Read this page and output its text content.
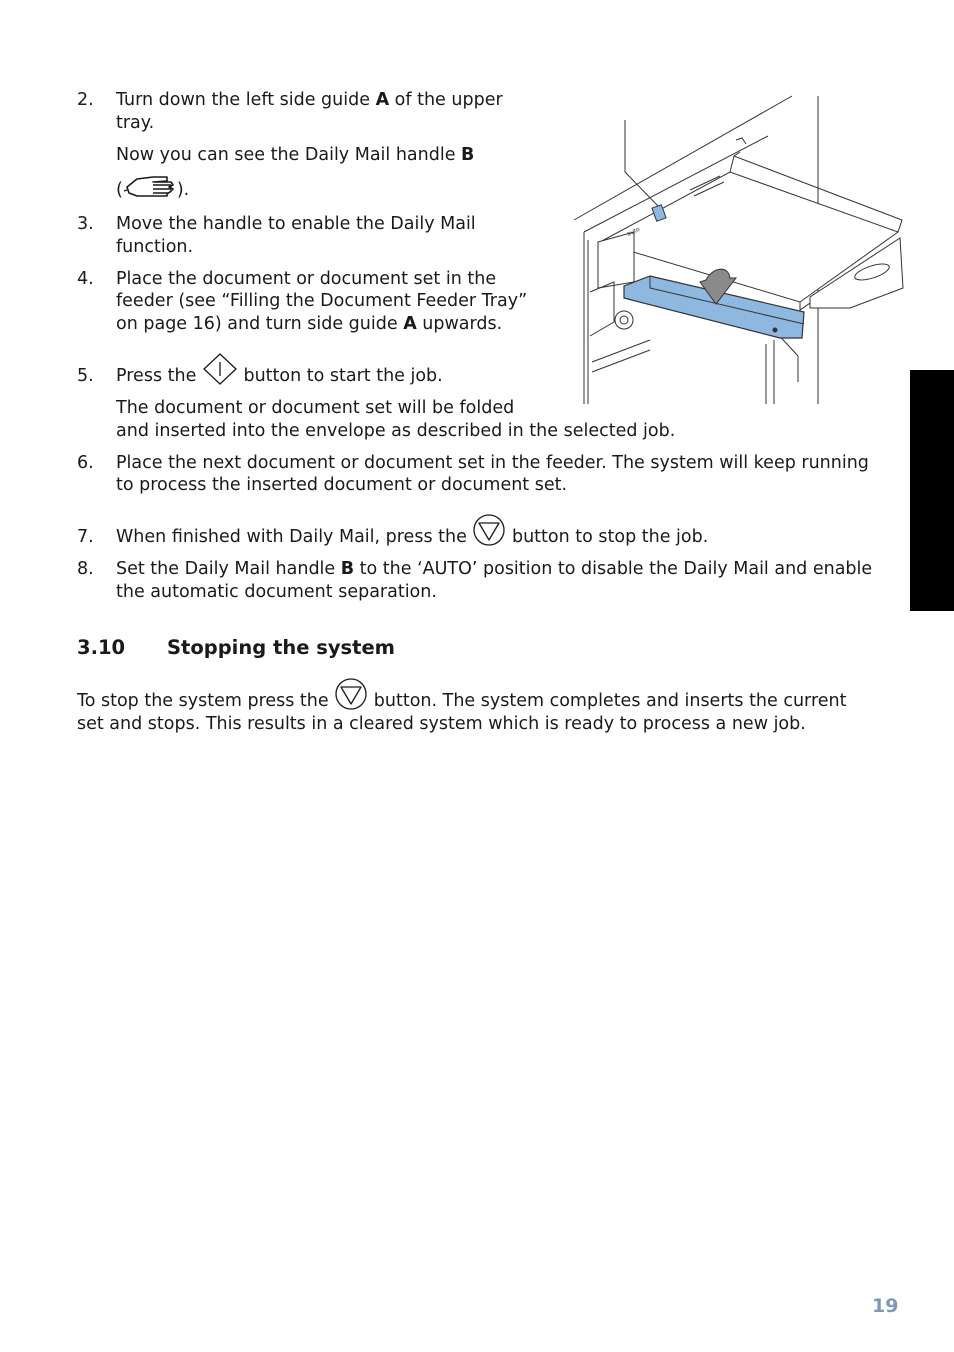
2. Turn down the left side guide A of the upper
tray.
Now you can see the Daily Mail handle B
(	).
3. Move the handle to enable the Daily Mail
function.
4. Place the document or document set in the
feeder (see “Filling the Document Feeder Tray”
on page 16) and turn side guide A upwards.
5. Press the  button to start the job.
The document or document set will be folded
and inserted into the envelope as described in the selected job.
6. Place the next document or document set in the feeder. The system will keep running
to process the inserted document or document set.
7. When finished with Daily Mail, press the  button to stop the job.
8. Set the Daily Mail handle B to the ‘AUTO’ position to disable the Daily Mail and enable
the automatic document separation.
3.10 Stopping the system
To stop the system press the  button. The system completes and inserts the current
set and stops. This results in a cleared system which is ready to process a new job.
auto
19
